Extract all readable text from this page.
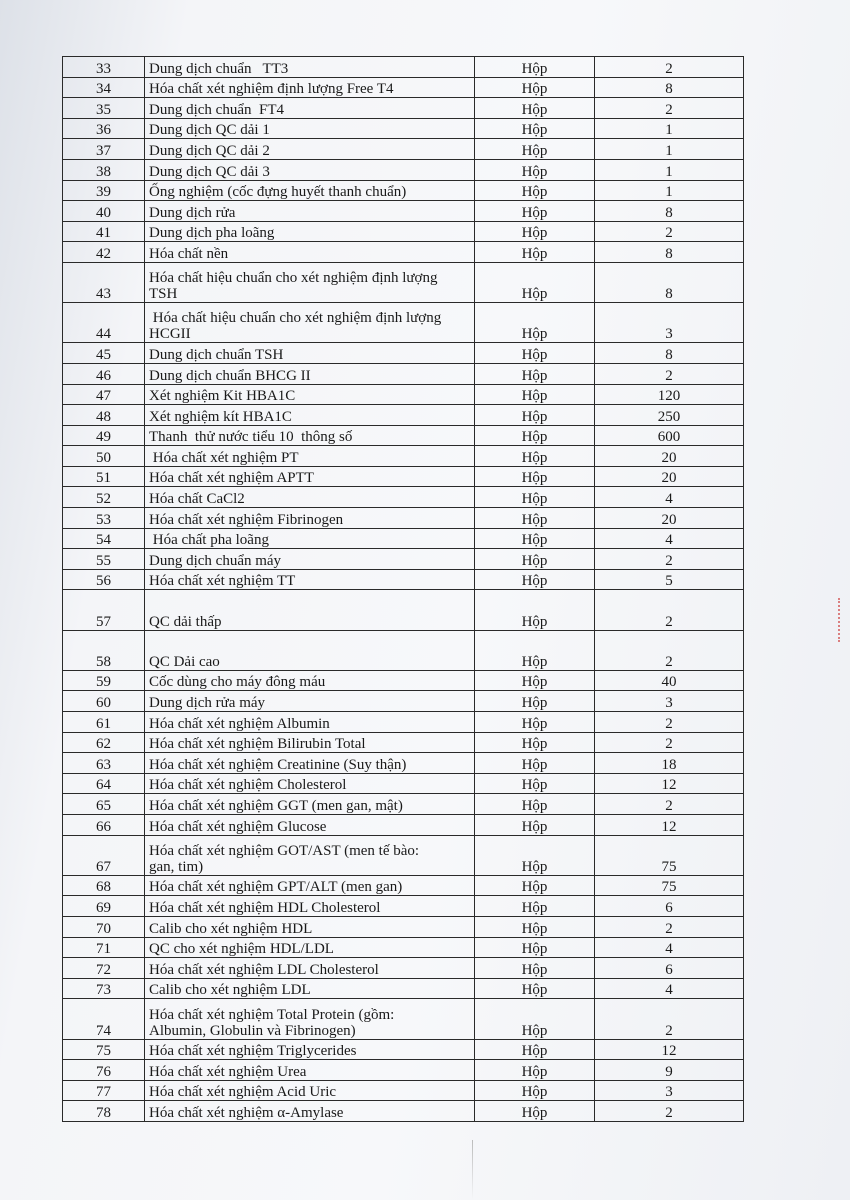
33	Dung dịch chuẩn   TT3	Hộp	2
34	Hóa chất xét nghiệm định lượng Free T4	Hộp	8
35	Dung dịch chuẩn  FT4	Hộp	2
36	Dung dịch QC dải 1	Hộp	1
37	Dung dịch QC dải 2	Hộp	1
38	Dung dịch QC dải 3	Hộp	1
39	Ống nghiệm (cốc đựng huyết thanh chuẩn)	Hộp	1
40	Dung dịch rửa	Hộp	8
41	Dung dịch pha loãng	Hộp	2
42	Hóa chất nền	Hộp	8
43	Hóa chất hiệu chuẩn cho xét nghiệm định lượng
TSH	Hộp	8
44	Hóa chất hiệu chuẩn cho xét nghiệm định lượng
HCGII	Hộp	3
45	Dung dịch chuẩn TSH	Hộp	8
46	Dung dịch chuẩn BHCG II	Hộp	2
47	Xét nghiệm Kit HBA1C	Hộp	120
48	Xét nghiệm kít HBA1C	Hộp	250
49	Thanh  thử nước tiểu 10  thông số	Hộp	600
50	Hóa chất xét nghiệm PT	Hộp	20
51	Hóa chất xét nghiệm APTT	Hộp	20
52	Hóa chất CaCl2	Hộp	4
53	Hóa chất xét nghiệm Fibrinogen	Hộp	20
54	Hóa chất pha loãng	Hộp	4
55	Dung dịch chuẩn máy	Hộp	2
56	Hóa chất xét nghiệm TT	Hộp	5
57	QC dải thấp	Hộp	2
58	QC Dải cao	Hộp	2
59	Cốc dùng cho máy đông máu	Hộp	40
60	Dung dịch rửa máy	Hộp	3
61	Hóa chất xét nghiệm Albumin	Hộp	2
62	Hóa chất xét nghiệm Bilirubin Total	Hộp	2
63	Hóa chất xét nghiệm Creatinine (Suy thận)	Hộp	18
64	Hóa chất xét nghiệm Cholesterol	Hộp	12
65	Hóa chất xét nghiệm GGT (men gan, mật)	Hộp	2
66	Hóa chất xét nghiệm Glucose	Hộp	12
67	Hóa chất xét nghiệm GOT/AST (men tế bào:
gan, tim)	Hộp	75
68	Hóa chất xét nghiệm GPT/ALT (men gan)	Hộp	75
69	Hóa chất xét nghiệm HDL Cholesterol	Hộp	6
70	Calib cho xét nghiệm HDL	Hộp	2
71	QC cho xét nghiệm HDL/LDL	Hộp	4
72	Hóa chất xét nghiệm LDL Cholesterol	Hộp	6
73	Calib cho xét nghiệm LDL	Hộp	4
74	Hóa chất xét nghiệm Total Protein (gồm:
Albumin, Globulin và Fibrinogen)	Hộp	2
75	Hóa chất xét nghiệm Triglycerides	Hộp	12
76	Hóa chất xét nghiệm Urea	Hộp	9
77	Hóa chất xét nghiệm Acid Uric	Hộp	3
78	Hóa chất xét nghiệm α-Amylase	Hộp	2
